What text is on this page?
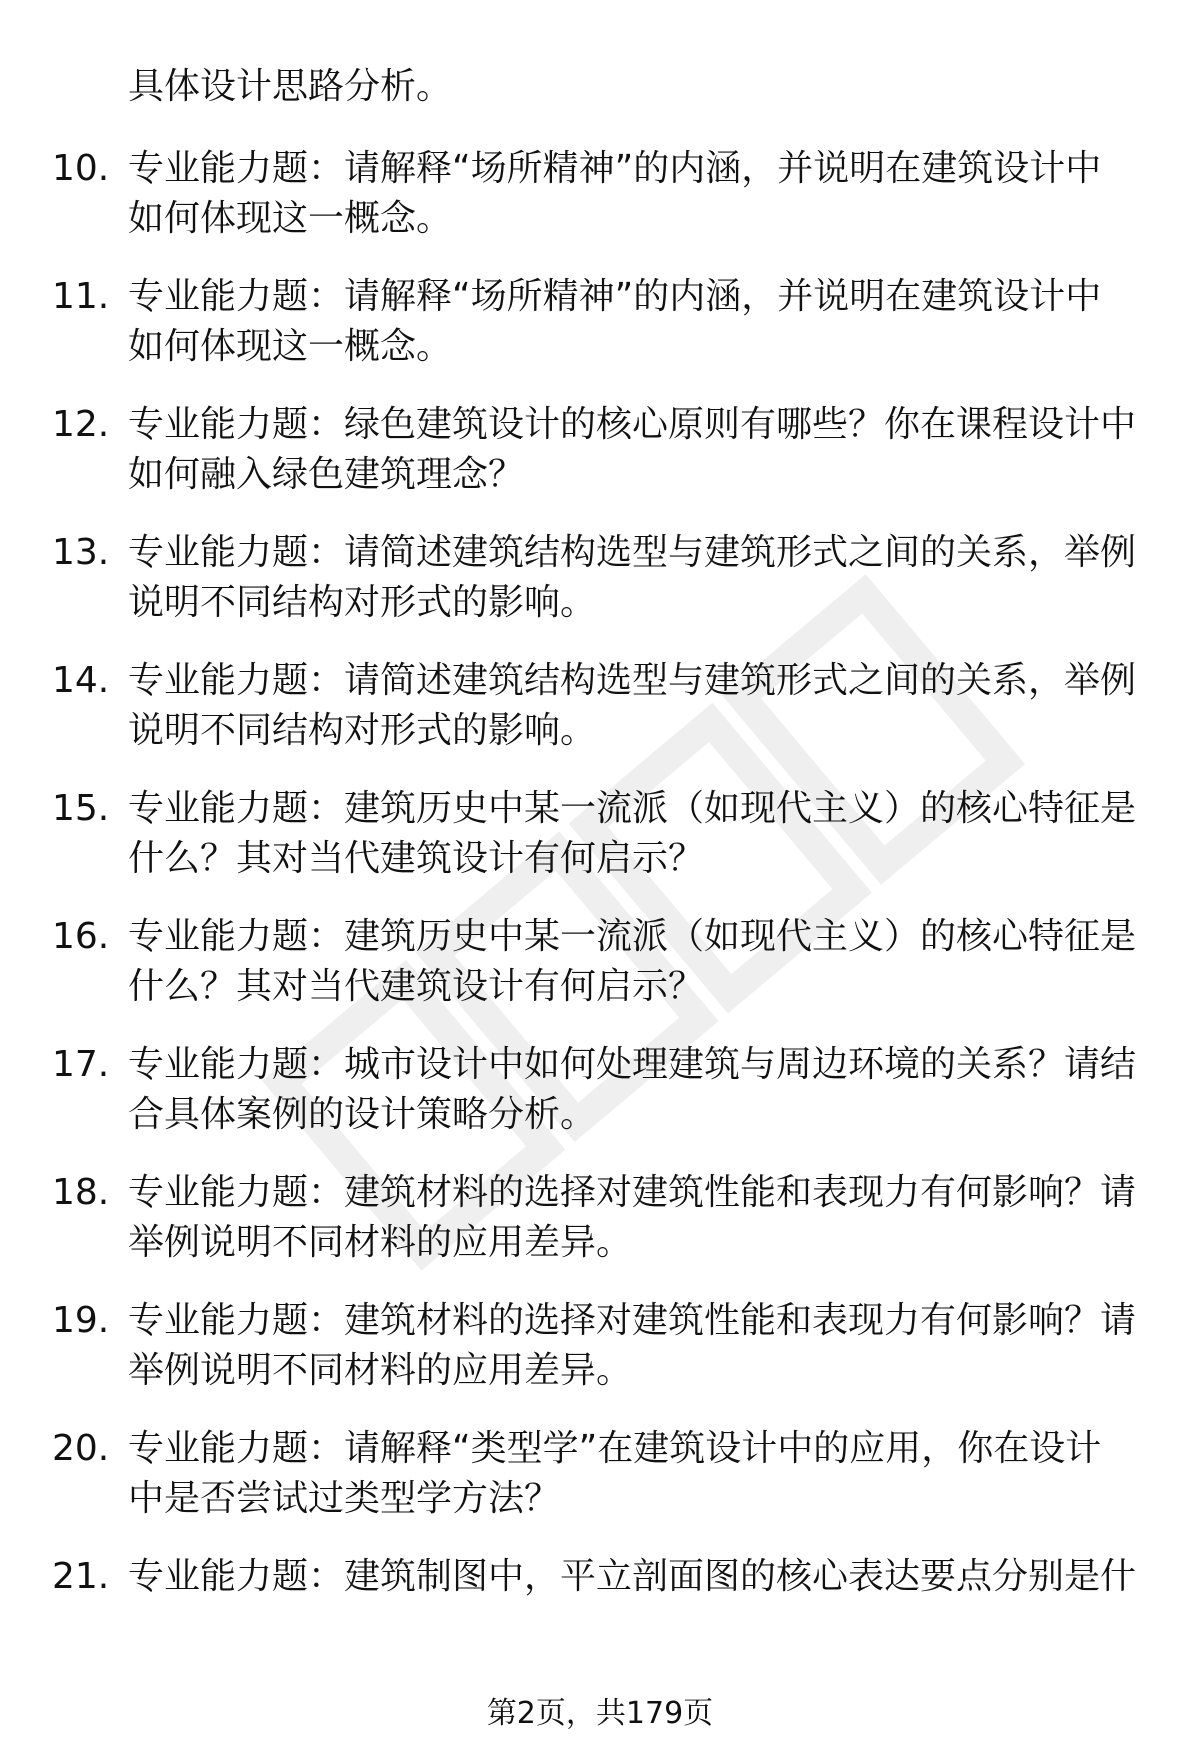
具体设计思路分析。
10. 专业能力题：请解释“场所精神”的内涵，并说明在建筑设计中
如何体现这一概念。
11. 专业能力题：请解释“场所精神”的内涵，并说明在建筑设计中
如何体现这一概念。
12. 专业能力题：绿色建筑设计的核心原则有哪些？你在课程设计中
如何融入绿色建筑理念？
13. 专业能力题：请简述建筑结构选型与建筑形式之间的关系，举例
说明不同结构对形式的影响。
14. 专业能力题：请简述建筑结构选型与建筑形式之间的关系，举例
说明不同结构对形式的影响。
15. 专业能力题：建筑历史中某一流派（如现代主义）的核心特征是
什么？其对当代建筑设计有何启示？
16. 专业能力题：建筑历史中某一流派（如现代主义）的核心特征是
什么？其对当代建筑设计有何启示？
17. 专业能力题：城市设计中如何处理建筑与周边环境的关系？请结
合具体案例的设计策略分析。
18. 专业能力题：建筑材料的选择对建筑性能和表现力有何影响？请
举例说明不同材料的应用差异。
19. 专业能力题：建筑材料的选择对建筑性能和表现力有何影响？请
举例说明不同材料的应用差异。
20. 专业能力题：请解释“类型学”在建筑设计中的应用，你在设计
中是否尝试过类型学方法？
21. 专业能力题：建筑制图中，平立剖面图的核心表达要点分别是什
第2页，共179页
